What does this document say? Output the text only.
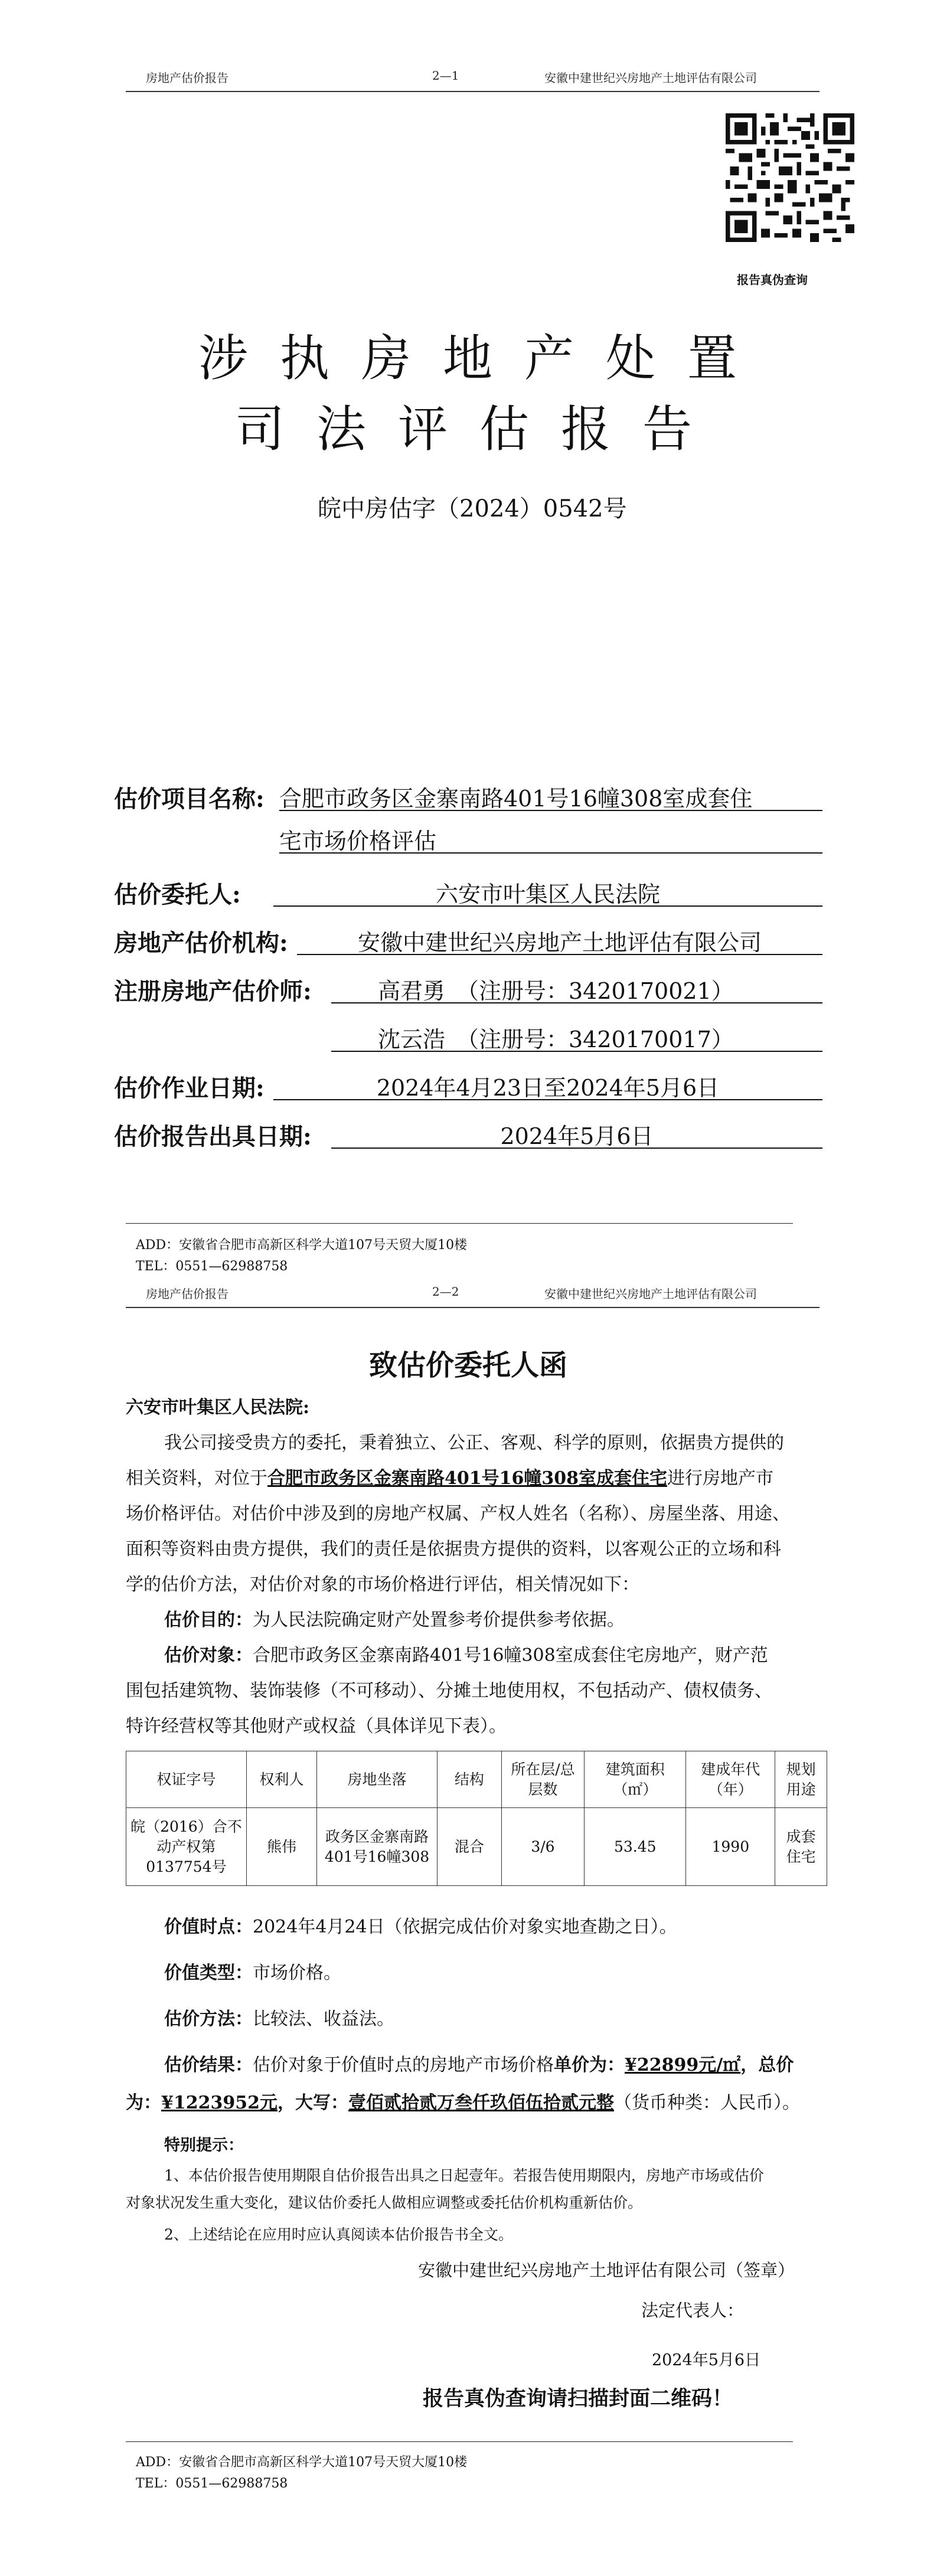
房地产估价报告	2—1	安徽中建世纪兴房地产土地评估有限公司
报告真伪查询
涉执房地产处置
司法评估报告
皖中房估字（2024）0542号
估价项目名称: 合肥市政务区金寨南路401号16幢308室成套住
宅市场价格评估
估价委托人:	六安市叶集区人民法院
房地产估价机构:	安徽中建世纪兴房地产土地评估有限公司
注册房地产估价师:	高君勇　（注册号：3420170021）
沈云浩　（注册号：3420170017）
估价作业日期:	2024年4月23日至2024年5月6日
估价报告出具日期:	2024年5月6日
ADD：安徽省合肥市高新区科学大道107号天贸大厦10楼
TEL：0551—62988758
房地产估价报告	2—2	安徽中建世纪兴房地产土地评估有限公司
致估价委托人函
六安市叶集区人民法院:
我公司接受贵方的委托，秉着独立、公正、客观、科学的原则，依据贵方提供的
相关资料，对位于合肥市政务区金寨南路401号16幢308室成套住宅进行房地产市
场价格评估。对估价中涉及到的房地产权属、产权人姓名（名称）、房屋坐落、用途、
面积等资料由贵方提供，我们的责任是依据贵方提供的资料，以客观公正的立场和科
学的估价方法，对估价对象的市场价格进行评估，相关情况如下：
估价目的：为人民法院确定财产处置参考价提供参考依据。
估价对象：合肥市政务区金寨南路401号16幢308室成套住宅房地产，财产范
围包括建筑物、装饰装修（不可移动）、分摊土地使用权，不包括动产、债权债务、
特许经营权等其他财产或权益（具体详见下表）。
权证字号	权利人	房地坐落	结构	所在层/总层数	建筑面积（㎡）	建成年代（年）	规划用途
皖（2016）合不动产权第0137754号	熊伟	政务区金寨南路401号16幢308	混合	3/6	53.45	1990	成套住宅
价值时点：2024年4月24日（依据完成估价对象实地查勘之日）。
价值类型：市场价格。
估价方法：比较法、收益法。
估价结果：估价对象于价值时点的房地产市场价格单价为：¥22899元/㎡，总价
为：¥1223952元，大写：壹佰贰拾贰万叁仟玖佰伍拾贰元整（货币种类：人民币）。
特别提示：
1、本估价报告使用期限自估价报告出具之日起壹年。若报告使用期限内，房地产市场或估价
对象状况发生重大变化，建议估价委托人做相应调整或委托估价机构重新估价。
2、上述结论在应用时应认真阅读本估价报告书全文。
安徽中建世纪兴房地产土地评估有限公司（签章）
法定代表人：
2024年5月6日
报告真伪查询请扫描封面二维码！
ADD：安徽省合肥市高新区科学大道107号天贸大厦10楼
TEL：0551—62988758
